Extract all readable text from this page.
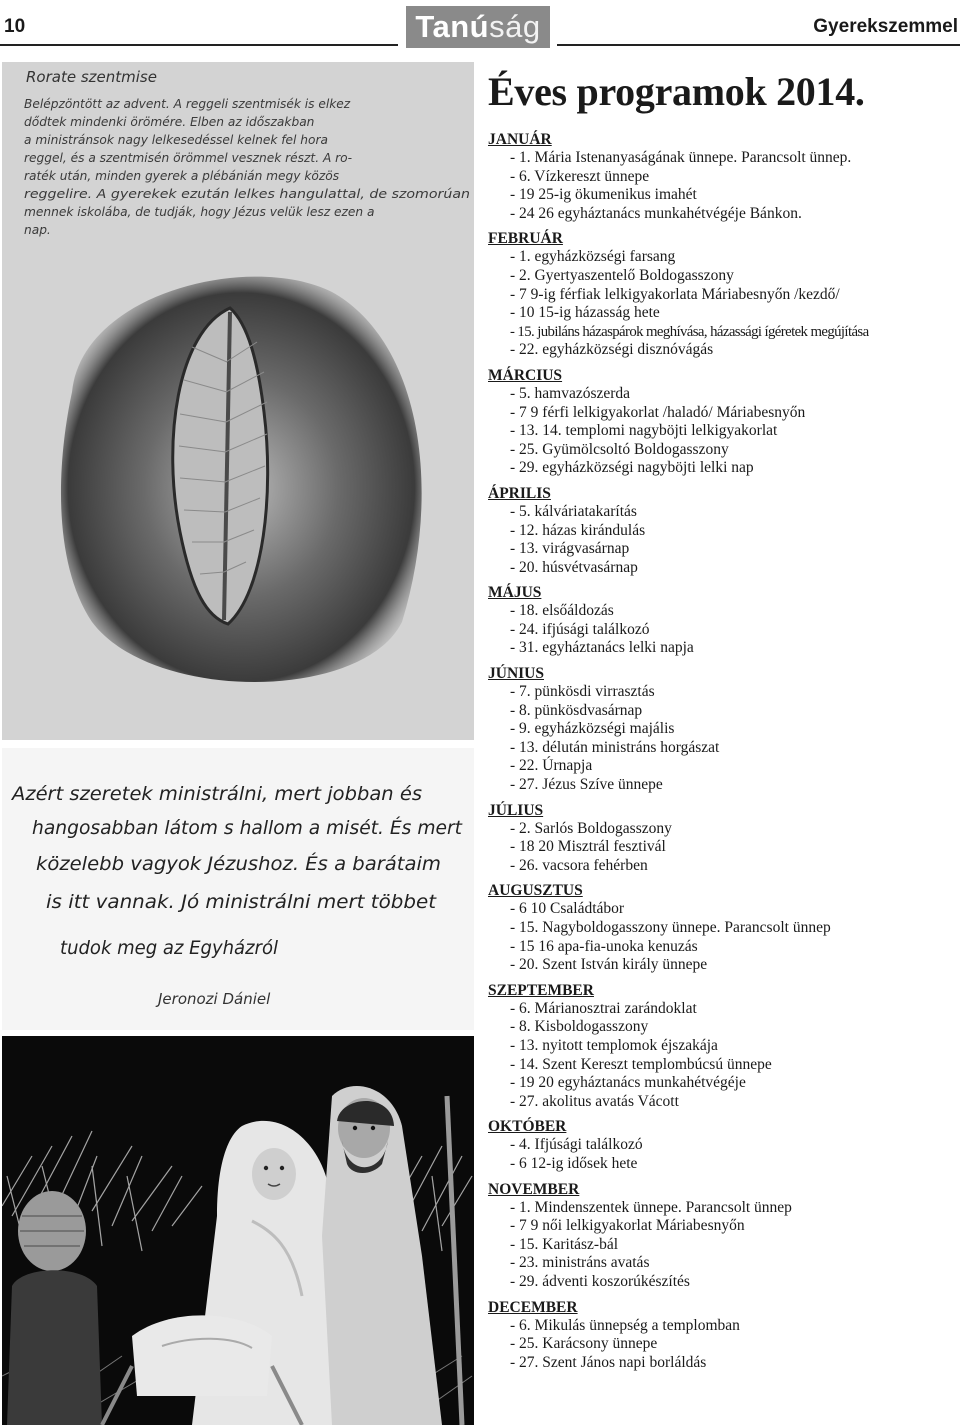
10	Tanúság	Gyerekszemmel
Rorate szentmise
Belépzöntött az advent. A reggeli szentmisék is elkez
dődtek mindenki örömére. Elben az időszakban
a ministránsok nagy lelkesedéssel kelnek fel hora
reggel, és a szentmisén örömmel vesznek részt. A ro-
raték után, minden gyerek a plébánián megy közös
reggelire. A gyerekek ezután lelkes hangulattal, de szomorúan
mennek iskolába, de tudják, hogy Jézus velük lesz ezen a
nap.
Azért szeretek ministrálni, mert jobban és
hangosabban látom s hallom a misét. És mert
közelebb vagyok Jézushoz. És a barátaim
is itt vannak. Jó ministrálni mert többet
tudok meg az Egyházról
Jeronozi Dániel
Éves programok 2014.
JANUÁR
- 1. Mária Istenanyaságának ünnepe. Parancsolt ünnep.
- 6. Vízkereszt ünnepe
- 19 25-ig ökumenikus imahét
- 24 26 egyháztanács munkahétvégéje Bánkon.
FEBRUÁR
- 1. egyházközségi farsang
- 2. Gyertyaszentelő Boldogasszony
- 7 9-ig férfiak lelkigyakorlata Máriabesnyőn /kezdő/
- 10 15-ig házasság hete
- 15. jubiláns házaspárok meghívása, házassági ígéretek megújítása
- 22. egyházközségi disznóvágás
MÁRCIUS
- 5. hamvazószerda
- 7 9 férfi lelkigyakorlat /haladó/ Máriabesnyőn
- 13. 14. templomi nagyböjti lelkigyakorlat
- 25. Gyümölcsoltó Boldogasszony
- 29. egyházközségi nagyböjti lelki nap
ÁPRILIS
- 5. kálváriatakarítás
- 12. házas kirándulás
- 13. virágvasárnap
- 20. húsvétvasárnap
MÁJUS
- 18. elsőáldozás
- 24. ifjúsági találkozó
- 31. egyháztanács lelki napja
JÚNIUS
- 7. pünkösdi virrasztás
- 8. pünkösdvasárnap
- 9. egyházközségi majális
- 13. délután ministráns horgászat
- 22. Úrnapja
- 27. Jézus Szíve ünnepe
JÚLIUS
- 2. Sarlós Boldogasszony
- 18 20 Misztrál fesztivál
- 26. vacsora fehérben
AUGUSZTUS
- 6 10 Családtábor
- 15. Nagyboldogasszony ünnepe. Parancsolt ünnep
- 15 16 apa-fia-unoka kenuzás
- 20. Szent István király ünnepe
SZEPTEMBER
- 6. Márianosztrai zarándoklat
- 8. Kisboldogasszony
- 13. nyitott templomok éjszakája
- 14. Szent Kereszt templombúcsú ünnepe
- 19 20 egyháztanács munkahétvégéje
- 27. akolitus avatás Vácott
OKTÓBER
- 4. Ifjúsági találkozó
- 6 12-ig idősek hete
NOVEMBER
- 1. Mindenszentek ünnepe. Parancsolt ünnep
- 7 9 női lelkigyakorlat Máriabesnyőn
- 15. Karitász-bál
- 23. ministráns avatás
- 29. ádventi koszorúkészítés
DECEMBER
- 6. Mikulás ünnepség a templomban
- 25. Karácsony ünnepe
- 27. Szent János napi borláldás
